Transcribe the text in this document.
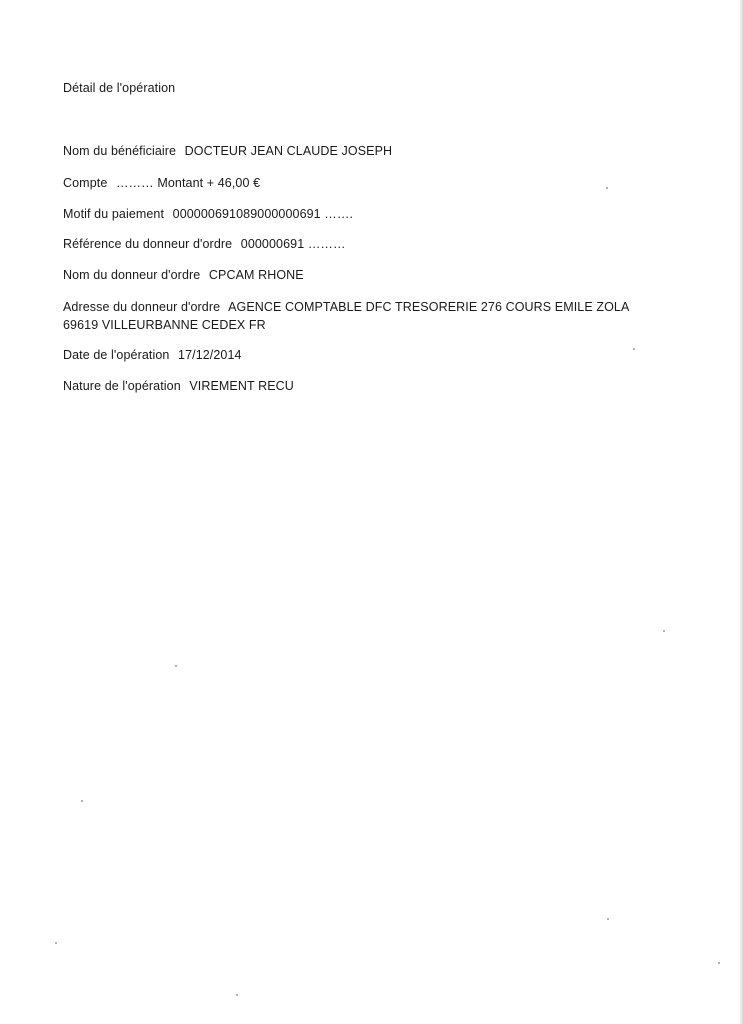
Détail de l'opération
Nom du bénéficiaire DOCTEUR JEAN CLAUDE JOSEPH
Compte ……… Montant + 46,00 €
Motif du paiement 000000691089000000691 …….
Référence du donneur d'ordre 000000691 ………
Nom du donneur d'ordre CPCAM RHONE
Adresse du donneur d'ordre AGENCE COMPTABLE DFC TRESORERIE 276 COURS EMILE ZOLA 69619 VILLEURBANNE CEDEX FR
Date de l'opération 17/12/2014
Nature de l'opération VIREMENT RECU
